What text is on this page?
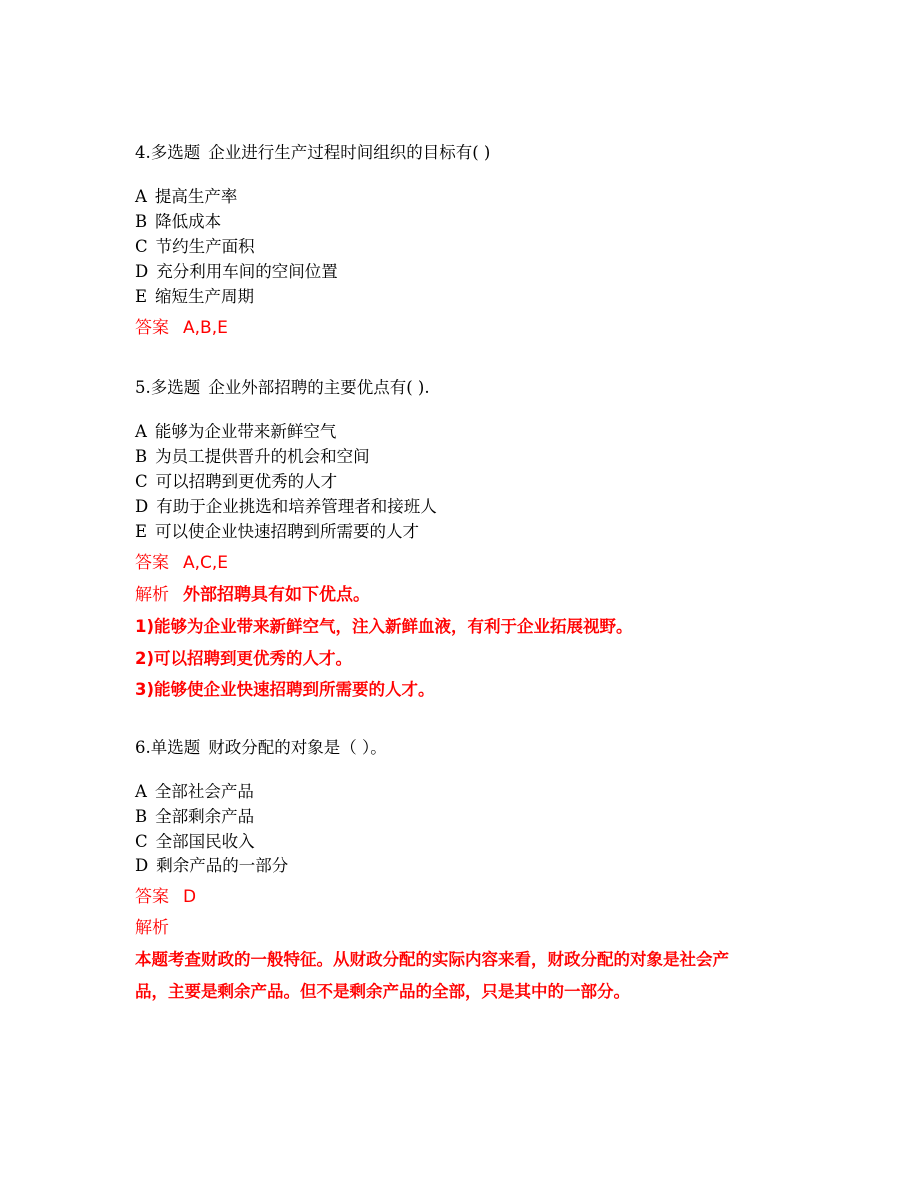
4.多选题 企业进行生产过程时间组织的目标有( )
A 提高生产率
B 降低成本
C 节约生产面积
D 充分利用车间的空间位置
E 缩短生产周期
答案 A,B,E
5.多选题 企业外部招聘的主要优点有( ).
A 能够为企业带来新鲜空气
B 为员工提供晋升的机会和空间
C 可以招聘到更优秀的人才
D 有助于企业挑选和培养管理者和接班人
E 可以使企业快速招聘到所需要的人才
答案 A,C,E
解析 外部招聘具有如下优点。
1)能够为企业带来新鲜空气，注入新鲜血液，有利于企业拓展视野。
2)可以招聘到更优秀的人才。
3)能够使企业快速招聘到所需要的人才。
6.单选题 财政分配的对象是（ ）。
A 全部社会产品
B 全部剩余产品
C 全部国民收入
D 剩余产品的一部分
答案 D
解析
本题考查财政的一般特征。从财政分配的实际内容来看，财政分配的对象是社会产
品，主要是剩余产品。但不是剩余产品的全部，只是其中的一部分。
